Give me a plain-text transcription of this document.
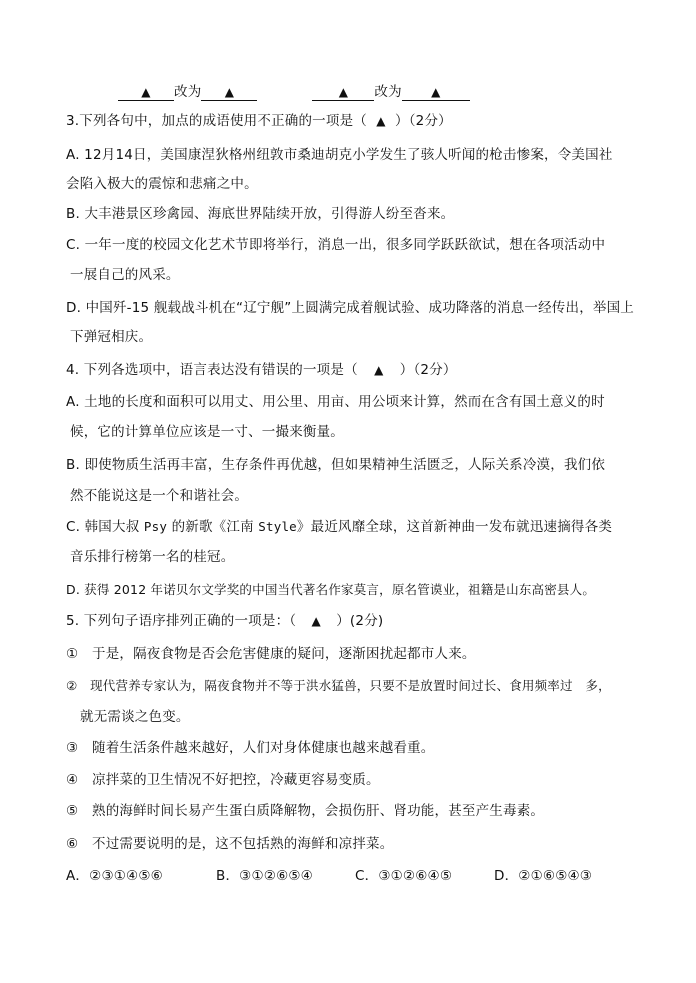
▲ 改为 ▲	▲ 改为 ▲
3.下列各句中，加点的成语使用不正确的一项是（ ▲ ）（2分）
A. 12月14日，美国康涅狄格州纽敦市桑迪胡克小学发生了骇人听闻的枪击惨案，令美国社
会陷入极大的震惊和悲痛之中。
B. 大丰港景区珍禽园、海底世界陆续开放，引得游人纷至沓来。
C. 一年一度的校园文化艺术节即将举行，消息一出，很多同学跃跃欲试，想在各项活动中
一展自己的风采。
D. 中国歼-15 舰载战斗机在“辽宁舰”上圆满完成着舰试验、成功降落的消息一经传出，举国上
下弹冠相庆。
4. 下列各选项中，语言表达没有错误的一项是（ ▲ ）（2分）
A. 土地的长度和面积可以用丈、用公里、用亩、用公顷来计算，然而在含有国土意义的时
候，它的计算单位应该是一寸、一撮来衡量。
B. 即使物质生活再丰富，生存条件再优越，但如果精神生活匮乏，人际关系冷漠，我们依
然不能说这是一个和谐社会。
C. 韩国大叔 Psy 的新歌《江南 Style》最近风靡全球，这首新神曲一发布就迅速摘得各类
音乐排行榜第一名的桂冠。
D. 获得 2012 年诺贝尔文学奖的中国当代著名作家莫言，原名管谟业，祖籍是山东高密县人。
5. 下列句子语序排列正确的一项是：（ ▲ ）(2分)
①　于是，隔夜食物是否会危害健康的疑问，逐渐困扰起都市人来。
②　现代营养专家认为，隔夜食物并不等于洪水猛兽，只要不是放置时间过长、食用频率过　多，
就无需谈之色变。
③　随着生活条件越来越好，人们对身体健康也越来越看重。
④　凉拌菜的卫生情况不好把控，冷藏更容易变质。
⑤　熟的海鲜时间长易产生蛋白质降解物，会损伤肝、肾功能，甚至产生毒素。
⑥　不过需要说明的是，这不包括熟的海鲜和凉拌菜。
A．②③①④⑤⑥	B．③①②⑥⑤④	C．③①②⑥④⑤	D．②①⑥⑤④③
